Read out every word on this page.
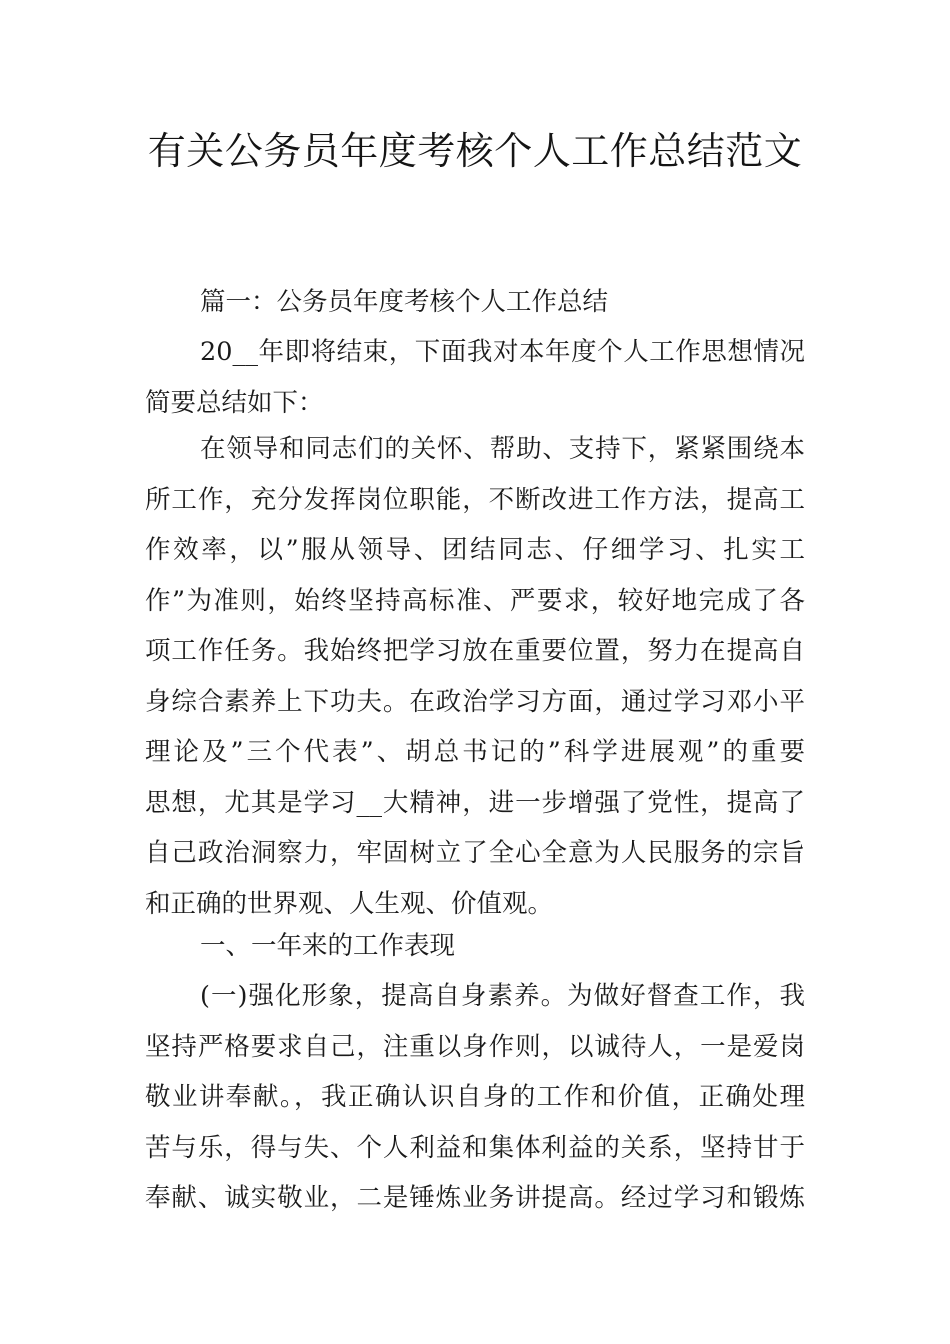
有关公务员年度考核个人工作总结范文
篇一：公务员年度考核个人工作总结
20__年即将结束，下面我对本年度个人工作思想情况
简要总结如下：
在领导和同志们的关怀、帮助、支持下，紧紧围绕本
所工作，充分发挥岗位职能，不断改进工作方法，提高工
作效率，以”服从领导、团结同志、仔细学习、扎实工
作”为准则，始终坚持高标准、严要求，较好地完成了各
项工作任务。我始终把学习放在重要位置，努力在提高自
身综合素养上下功夫。在政治学习方面，通过学习邓小平
理论及”三个代表”、胡总书记的”科学进展观”的重要
思想，尤其是学习__大精神，进一步增强了党性，提高了
自己政治洞察力，牢固树立了全心全意为人民服务的宗旨
和正确的世界观、人生观、价值观。
一、一年来的工作表现
(一)强化形象，提高自身素养。为做好督查工作，我
坚持严格要求自己，注重以身作则，以诚待人，一是爱岗
敬业讲奉献。，我正确认识自身的工作和价值，正确处理
苦与乐，得与失、个人利益和集体利益的关系，坚持甘于
奉献、诚实敬业，二是锤炼业务讲提高。经过学习和锻炼
